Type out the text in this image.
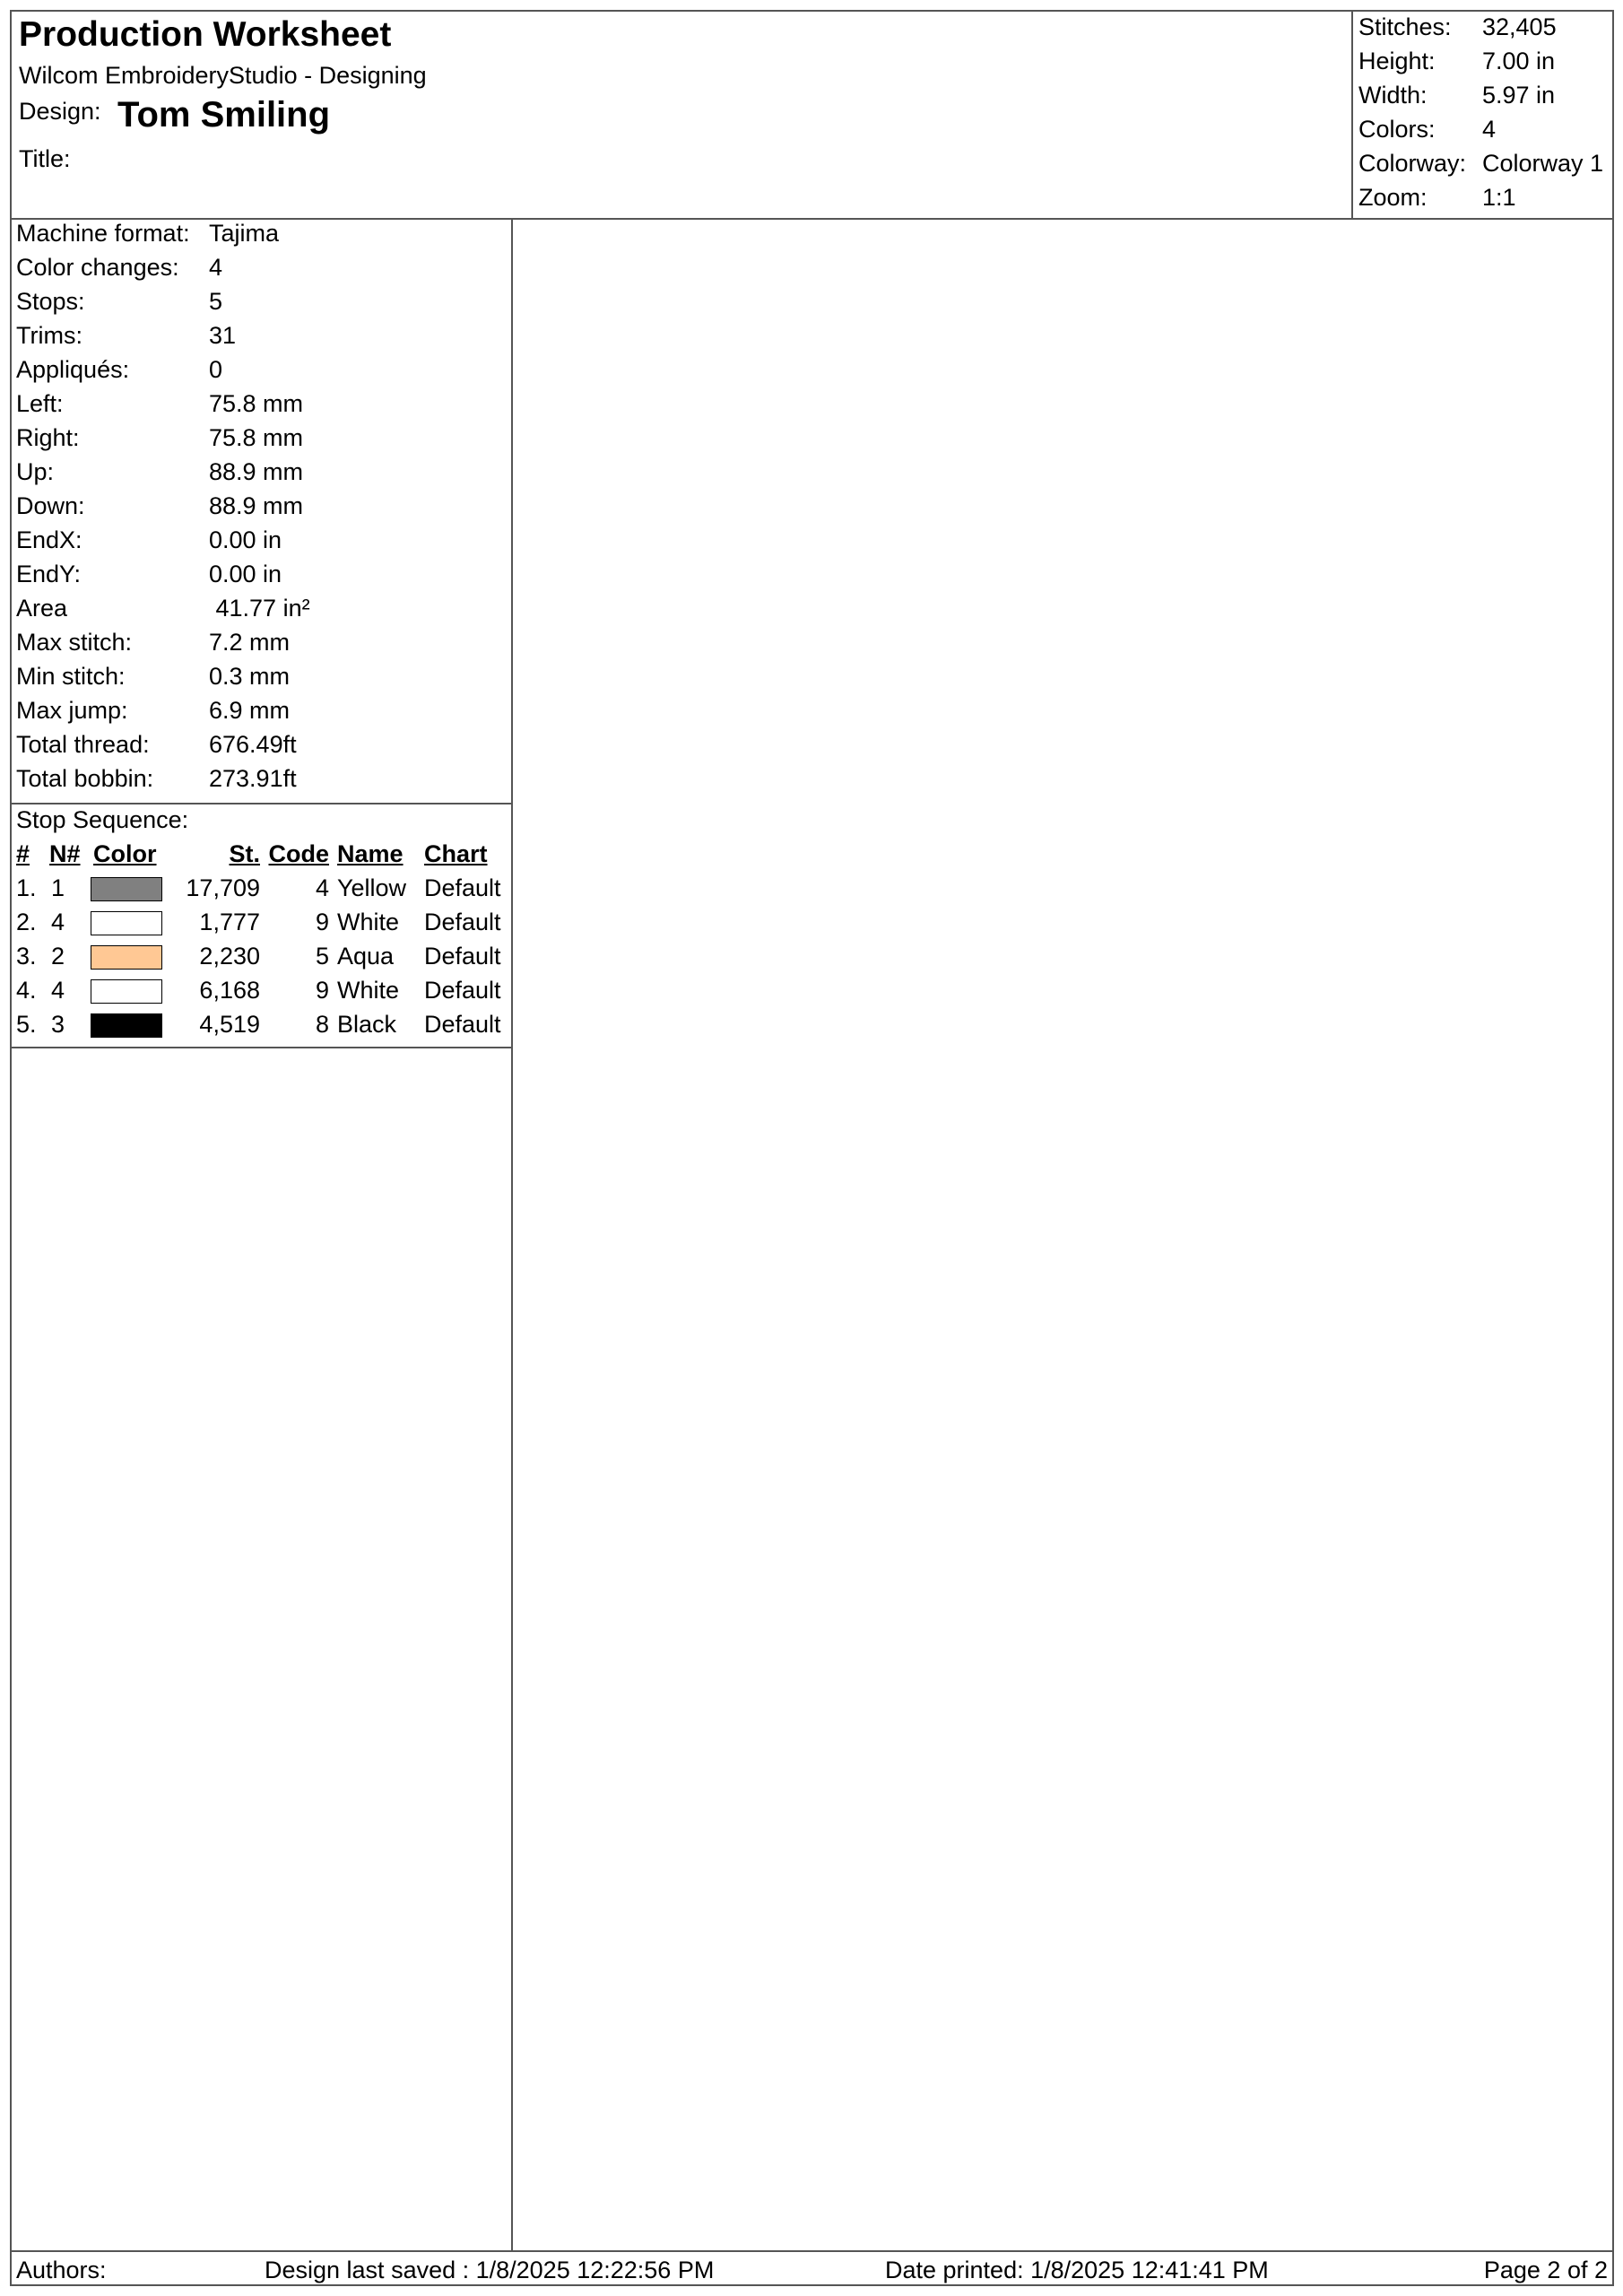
Production Worksheet
Wilcom EmbroideryStudio - Designing
Design: Tom Smiling
Title:
Stitches: 32,405
Height: 7.00 in
Width: 5.97 in
Colors: 4
Colorway: Colorway 1
Zoom: 1:1
Machine format: Tajima
Color changes: 4
Stops:	5
Trims:	31
Appliqués:	0
Left:	75.8 mm
Right:	75.8 mm
Up:	88.9 mm
Down:	88.9 mm
EndX:	0.00 in
EndY:	0.00 in
Area	41.77 in²
Max stitch:	7.2 mm
Min stitch:	0.3 mm
Max jump:	6.9 mm
Total thread: 676.49ft
Total bobbin: 273.91ft
Stop Sequence:
# N# Color	St. Code Name Chart
1. 1	17,709	4 Yellow Default
2. 4	1,777	9 White Default
3. 2	2,230	5 Aqua Default
4. 4	6,168	9 White Default
5. 3	4,519	8 Black Default
Authors:	Design last saved : 1/8/2025 12:22:56 PM	Date printed: 1/8/2025 12:41:41 PM	Page 2 of 2
